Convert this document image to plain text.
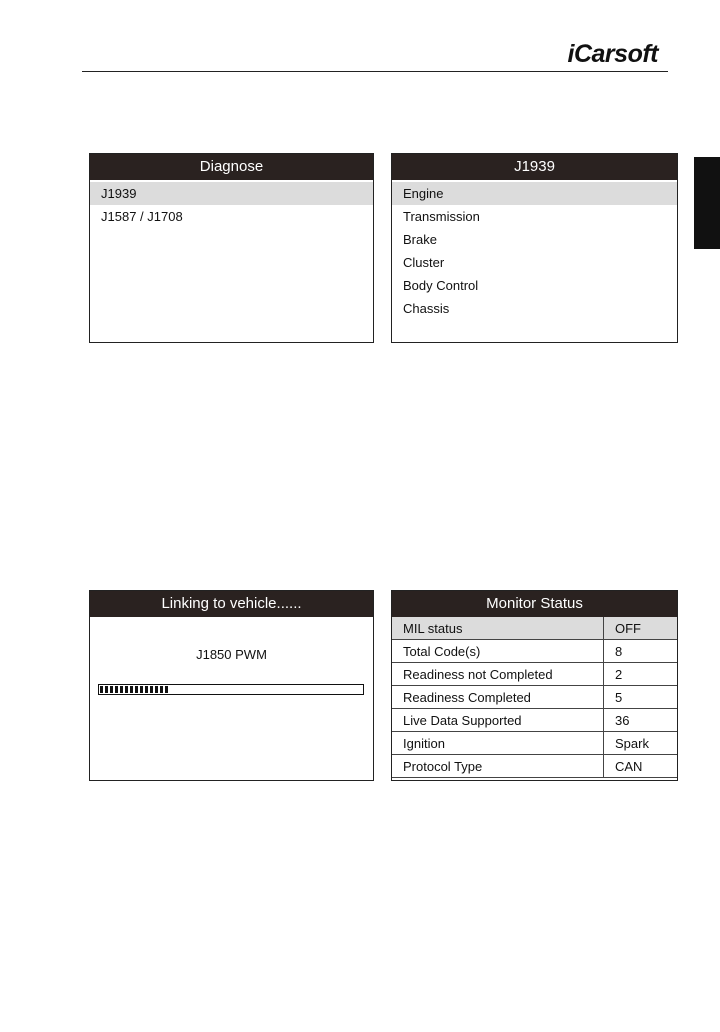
iCarsoft
Diagnose
J1939
J1587 / J1708
J1939
Engine
Transmission
Brake
Cluster
Body Control
Chassis
Linking to vehicle......
J1850 PWM
Monitor Status
MIL status	OFF
Total Code(s)	8
Readiness not Completed	2
Readiness Completed	5
Live Data Supported	36
Ignition	Spark
Protocol Type	CAN
